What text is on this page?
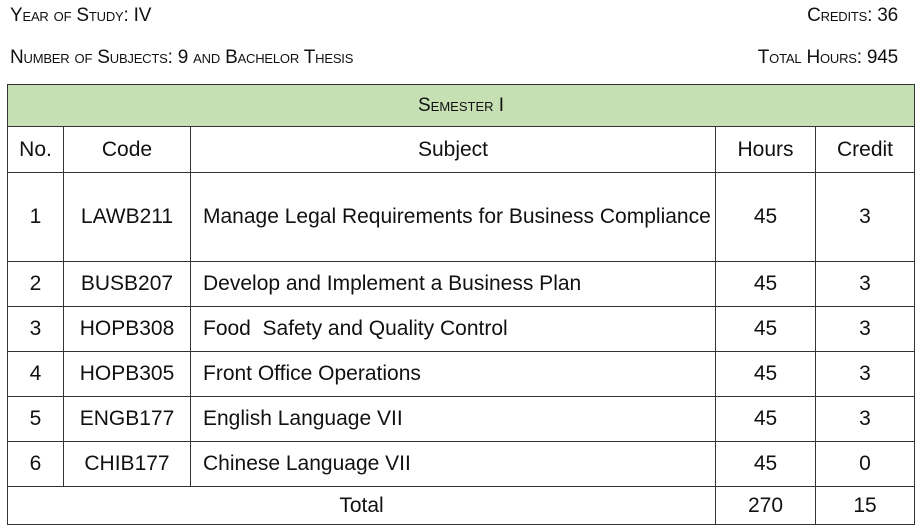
Year of Study: IV	Credits: 36
Number of Subjects: 9 and Bachelor Thesis	Total Hours: 945
Semester I				
No.	Code	Subject	Hours	Credit
1	LAWB211	Manage Legal Requirements for Business Compliance	45	3
2	BUSB207	Develop and Implement a Business Plan	45	3
3	HOPB308	Food  Safety and Quality Control	45	3
4	HOPB305	Front Office Operations	45	3
5	ENGB177	English Language VII	45	3
6	CHIB177	Chinese Language VII	45	0
Total			270	15
